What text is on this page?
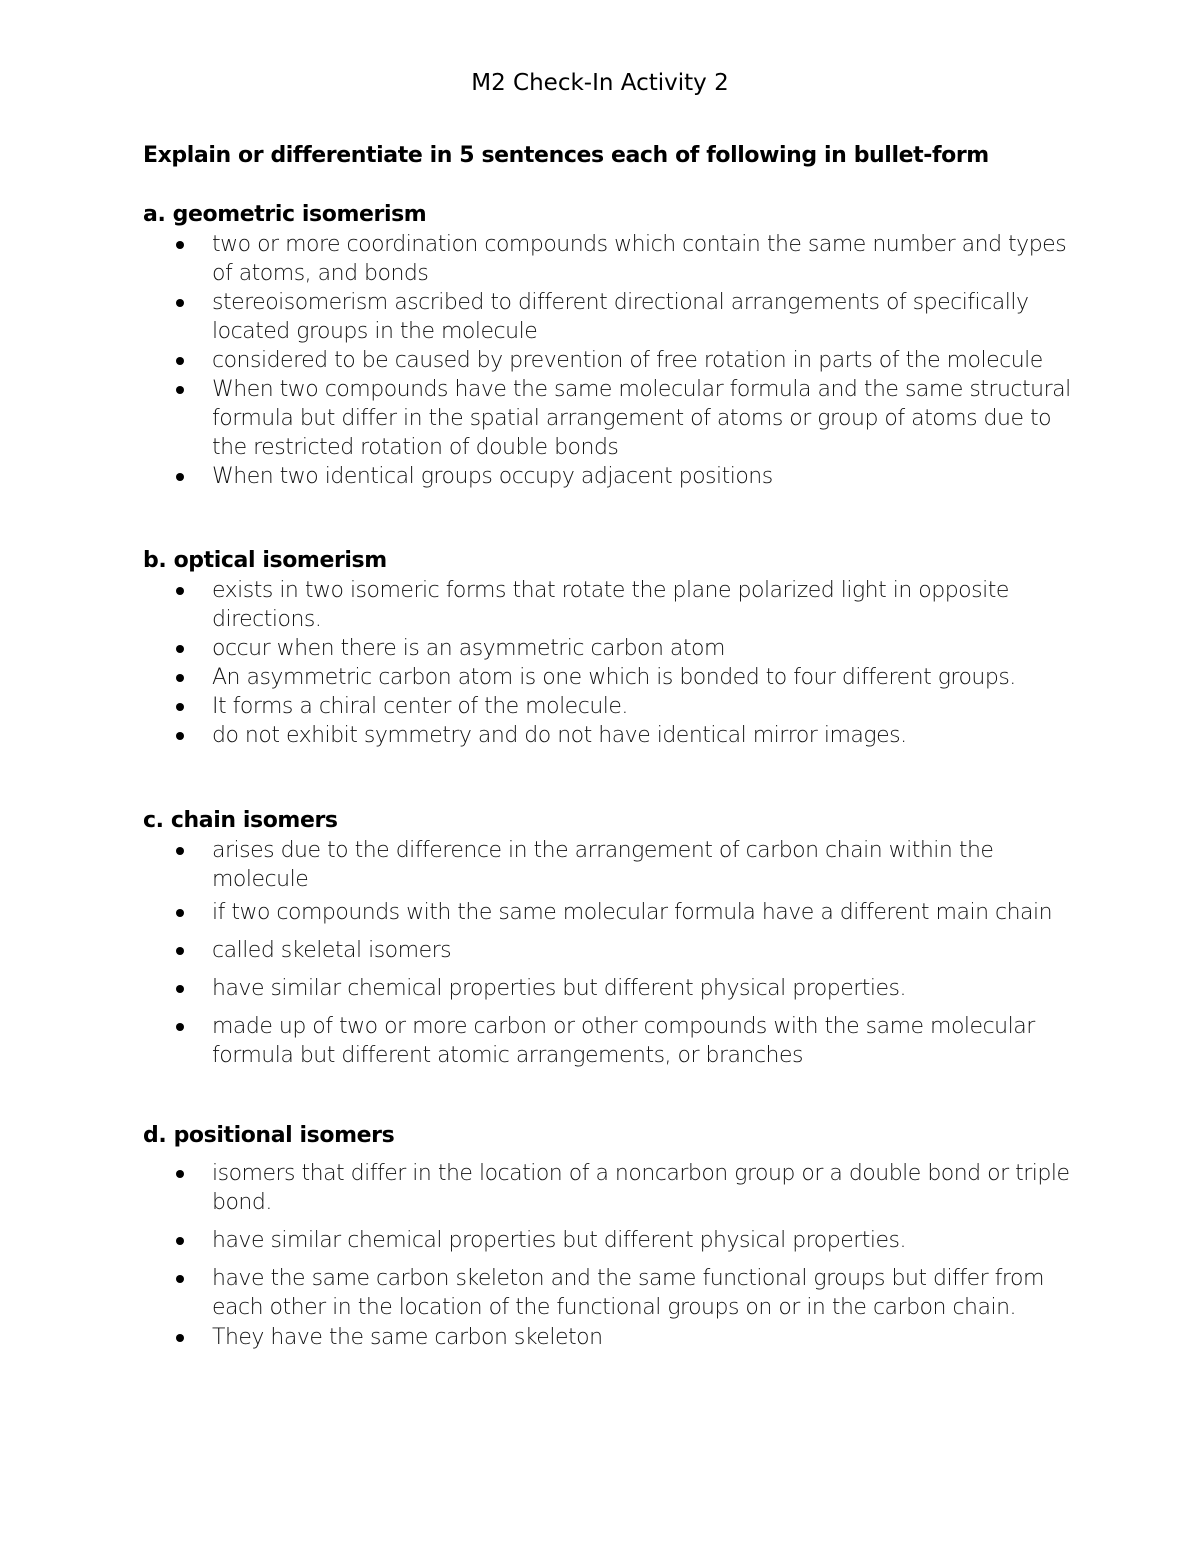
M2 Check-In Activity 2
Explain or differentiate in 5 sentences each of following in bullet-form
a. geometric isomerism
two or more coordination compounds which contain the same number and types of atoms, and bonds
stereoisomerism ascribed to different directional arrangements of specifically located groups in the molecule
considered to be caused by prevention of free rotation in parts of the molecule
When two compounds have the same molecular formula and the same structural formula but differ in the spatial arrangement of atoms or group of atoms due to the restricted rotation of double bonds
When two identical groups occupy adjacent positions
b. optical isomerism
exists in two isomeric forms that rotate the plane polarized light in opposite directions.
occur when there is an asymmetric carbon atom
An asymmetric carbon atom is one which is bonded to four different groups.
It forms a chiral center of the molecule.
do not exhibit symmetry and do not have identical mirror images.
c. chain isomers
arises due to the difference in the arrangement of carbon chain within the molecule
if two compounds with the same molecular formula have a different main chain
called skeletal isomers
have similar chemical properties but different physical properties.
made up of two or more carbon or other compounds with the same molecular formula but different atomic arrangements, or branches
d. positional isomers
isomers that differ in the location of a noncarbon group or a double bond or triple bond.
have similar chemical properties but different physical properties.
have the same carbon skeleton and the same functional groups but differ from each other in the location of the functional groups on or in the carbon chain.
They have the same carbon skeleton
